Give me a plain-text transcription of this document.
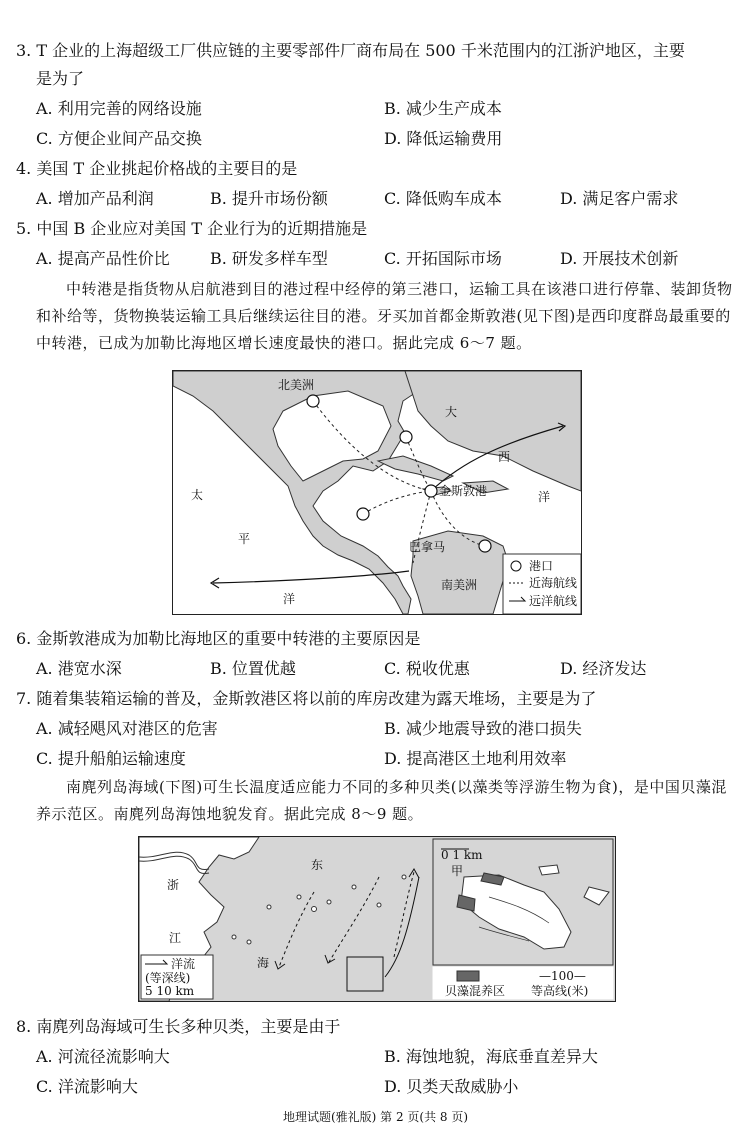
3. T 企业的上海超级工厂供应链的主要零部件厂商布局在 500 千米范围内的江浙沪地区，主要
是为了
A. 利用完善的网络设施	B. 减少生产成本
C. 方便企业间产品交换	D. 降低运输费用
4. 美国 T 企业挑起价格战的主要目的是
A. 增加产品利润	B. 提升市场份额	C. 降低购车成本	D. 满足客户需求
5. 中国 B 企业应对美国 T 企业行为的近期措施是
A. 提高产品性价比	B. 研发多样车型	C. 开拓国际市场	D. 开展技术创新
中转港是指货物从启航港到目的港过程中经停的第三港口，运输工具在该港口进行停靠、装卸货物和补给等，货物换装运输工具后继续运往目的港。牙买加首都金斯敦港(见下图)是西印度群岛最重要的中转港，已成为加勒比海地区增长速度最快的港口。据此完成 6～7 题。
北美洲
大
西
洋
太
平
洋
金斯敦港
巴拿马
港口
近海航线
远洋航线
南美洲
6. 金斯敦港成为加勒比海地区的重要中转港的主要原因是
A. 港宽水深	B. 位置优越	C. 税收优惠	D. 经济发达
7. 随着集装箱运输的普及，金斯敦港区将以前的库房改建为露天堆场，主要是为了
A. 减轻飓风对港区的危害	B. 减少地震导致的港口损失
C. 提升船舶运输速度	D. 提高港区土地利用效率
南麂列岛海域(下图)可生长温度适应能力不同的多种贝类(以藻类等浮游生物为食)，是中国贝藻混养示范区。南麂列岛海蚀地貌发育。据此完成 8～9 题。
浙
江
东
海
洋流
(等深线)
5 10 km
0 1 km
甲
贝藻混养区
—100—
等高线(米)
8. 南麂列岛海域可生长多种贝类，主要是由于
A. 河流径流影响大	B. 海蚀地貌，海底垂直差异大
C. 洋流影响大	D. 贝类天敌威胁小
地理试题(雅礼版) 第 2 页(共 8 页)
